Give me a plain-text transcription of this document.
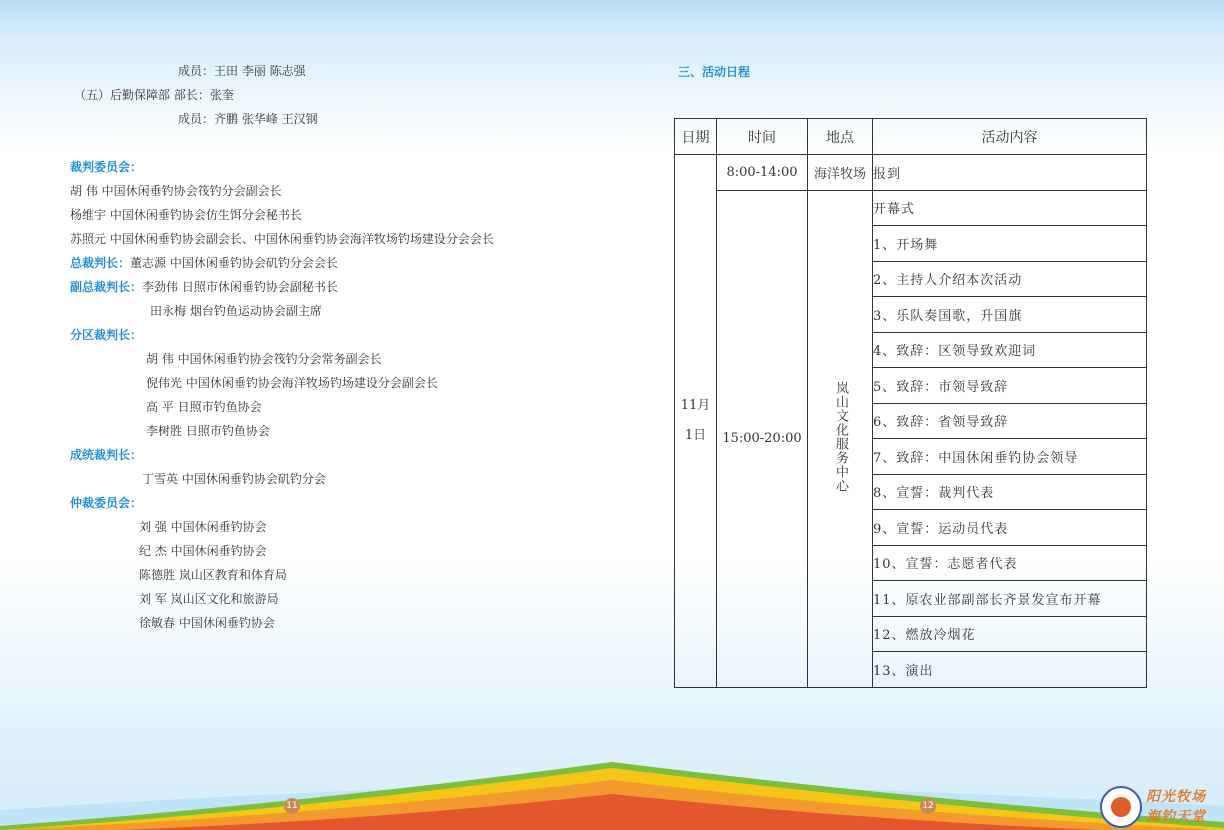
成员：王田 李丽 陈志强
（五）后勤保障部 部长：张奎
成员：齐鹏 张华峰 王汉钢
裁判委员会：
胡 伟 中国休闲垂钓协会筏钓分会副会长
杨维宇 中国休闲垂钓协会仿生饵分会秘书长
苏照元 中国休闲垂钓协会副会长、中国休闲垂钓协会海洋牧场钓场建设分会会长
总裁判长：董志源 中国休闲垂钓协会矶钓分会会长
副总裁判长：李劲伟 日照市休闲垂钓协会副秘书长
田永梅 烟台钓鱼运动协会副主席
分区裁判长：
胡 伟 中国休闲垂钓协会筏钓分会常务副会长
倪伟光 中国休闲垂钓协会海洋牧场钓场建设分会副会长
高 平 日照市钓鱼协会
李树胜 日照市钓鱼协会
成统裁判长：
丁雪英 中国休闲垂钓协会矶钓分会
仲裁委员会：
刘 强 中国休闲垂钓协会
纪 杰 中国休闲垂钓协会
陈德胜 岚山区教育和体育局
刘 军 岚山区文化和旅游局
徐敏春 中国休闲垂钓协会
三、活动日程
日期	时间	地点	活动内容

11月
1日	8:00-14:00	海洋牧场	报到
	15:00-20:00	岚山文化服务中心	开幕式
			1、开场舞
			2、主持人介绍本次活动
			3、乐队奏国歌，升国旗
			4、致辞：区领导致欢迎词
			5、致辞：市领导致辞
			6、致辞：省领导致辞
			7、致辞：中国休闲垂钓协会领导
			8、宣誓：裁判代表
			9、宣誓：运动员代表
			10、宣誓：志愿者代表
			11、原农业部副部长齐景发宣布开幕
			12、燃放冷烟花
			13、演出
11	12
阳光牧场
海钓天堂
